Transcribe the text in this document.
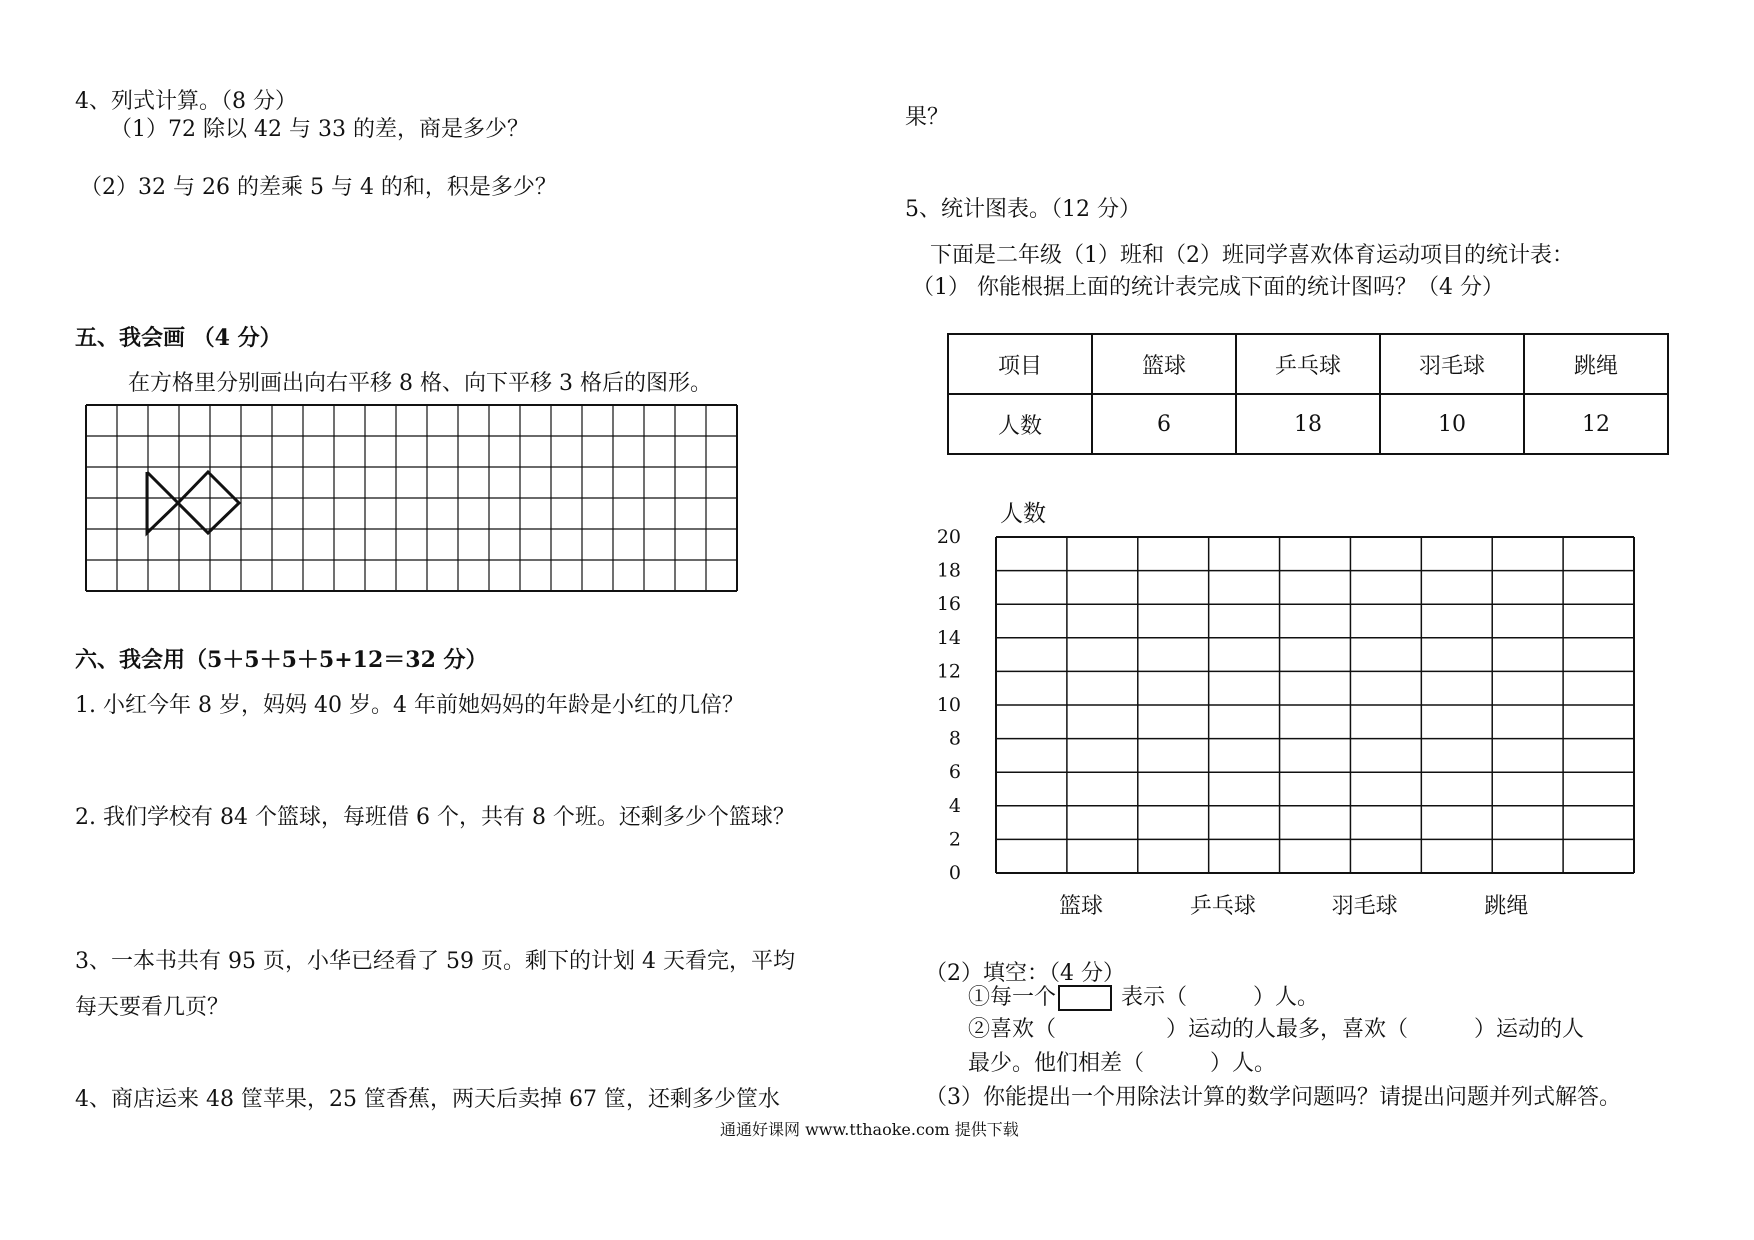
4、列式计算。（8 分）
（1）72 除以 42 与 33 的差，商是多少？
（2）32 与 26 的差乘 5 与 4 的和，积是多少？
五、我会画 （4 分）
在方格里分别画出向右平移 8 格、向下平移 3 格后的图形。
六、我会用（5＋5＋5＋5+12＝32 分）
1. 小红今年 8 岁，妈妈 40 岁。4 年前她妈妈的年龄是小红的几倍？
2. 我们学校有 84 个篮球，每班借 6 个，共有 8 个班。还剩多少个篮球？
3、一本书共有 95 页，小华已经看了 59 页。剩下的计划 4 天看完，平均
每天要看几页？
4、商店运来 48 筐苹果，25 筐香蕉，两天后卖掉 67 筐，还剩多少筐水
果？
5、统计图表。（12 分）
下面是二年级（1）班和（2）班同学喜欢体育运动项目的统计表：
（1） 你能根据上面的统计表完成下面的统计图吗？（4 分）
项目	篮球	乒乓球	羽毛球	跳绳
人数	6	18	10	12
20
18
16
14
12
10
8
6
4
2
0
人数
篮球	乒乓球	羽毛球	跳绳
（2）填空：（4 分）
①每一个	表示（　　　）人。
②喜欢（　　　　　）运动的人最多，喜欢（　　　）运动的人
最少。他们相差（　　　）人。
（3）你能提出一个用除法计算的数学问题吗？请提出问题并列式解答。
通通好课网 www.tthaoke.com 提供下载
